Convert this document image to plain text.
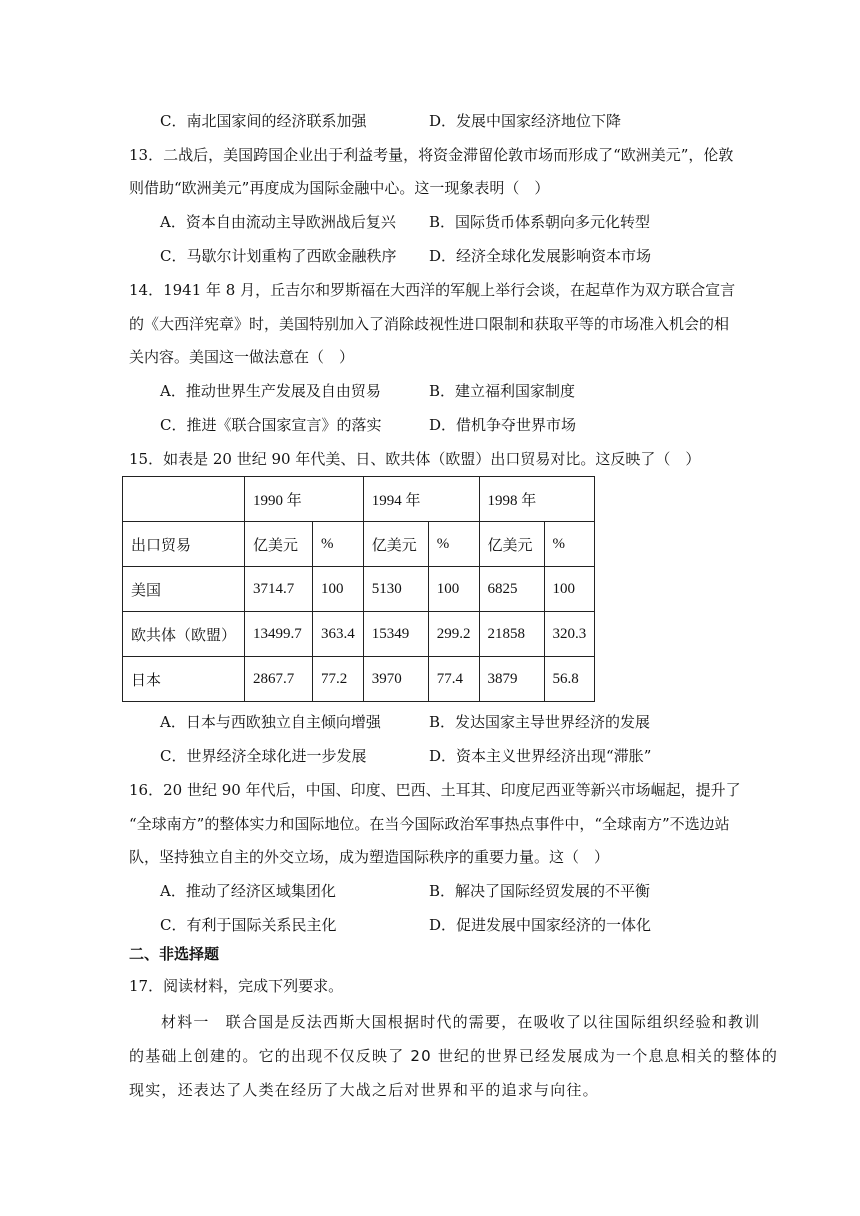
C．南北国家间的经济联系加强	D．发展中国家经济地位下降
13．二战后，美国跨国企业出于利益考量，将资金滞留伦敦市场而形成了“欧洲美元”，伦敦
则借助“欧洲美元”再度成为国际金融中心。这一现象表明（　）
A．资本自由流动主导欧洲战后复兴 B．国际货币体系朝向多元化转型
C．马歇尔计划重构了西欧金融秩序 D．经济全球化发展影响资本市场
14．1941 年 8 月，丘吉尔和罗斯福在大西洋的军舰上举行会谈，在起草作为双方联合宣言
的《大西洋宪章》时，美国特别加入了消除歧视性进口限制和获取平等的市场准入机会的相
关内容。美国这一做法意在（　）
A．推动世界生产发展及自由贸易	B．建立福利国家制度
C．推进《联合国家宣言》的落实	D．借机争夺世界市场
15．如表是 20 世纪 90 年代美、日、欧共体（欧盟）出口贸易对比。这反映了（　）
	1990 年		1994 年		1998 年	
出口贸易	亿美元	%	亿美元	%	亿美元	%
美国	3714.7	100	5130	100	6825	100
欧共体（欧盟）	13499.7	363.4	15349	299.2	21858	320.3
日本	2867.7	77.2	3970	77.4	3879	56.8
A．日本与西欧独立自主倾向增强	B．发达国家主导世界经济的发展
C．世界经济全球化进一步发展	D．资本主义世界经济出现“滞胀”
16．20 世纪 90 年代后，中国、印度、巴西、土耳其、印度尼西亚等新兴市场崛起，提升了
“全球南方”的整体实力和国际地位。在当今国际政治军事热点事件中，“全球南方”不选边站
队，坚持独立自主的外交立场，成为塑造国际秩序的重要力量。这（　）
A．推动了经济区域集团化	B．解决了国际经贸发展的不平衡
C．有利于国际关系民主化	D．促进发展中国家经济的一体化
二、非选择题
17．阅读材料，完成下列要求。
材料一　联合国是反法西斯大国根据时代的需要，在吸收了以往国际组织经验和教训
的基础上创建的。它的出现不仅反映了 20 世纪的世界已经发展成为一个息息相关的整体的
现实，还表达了人类在经历了大战之后对世界和平的追求与向往。
